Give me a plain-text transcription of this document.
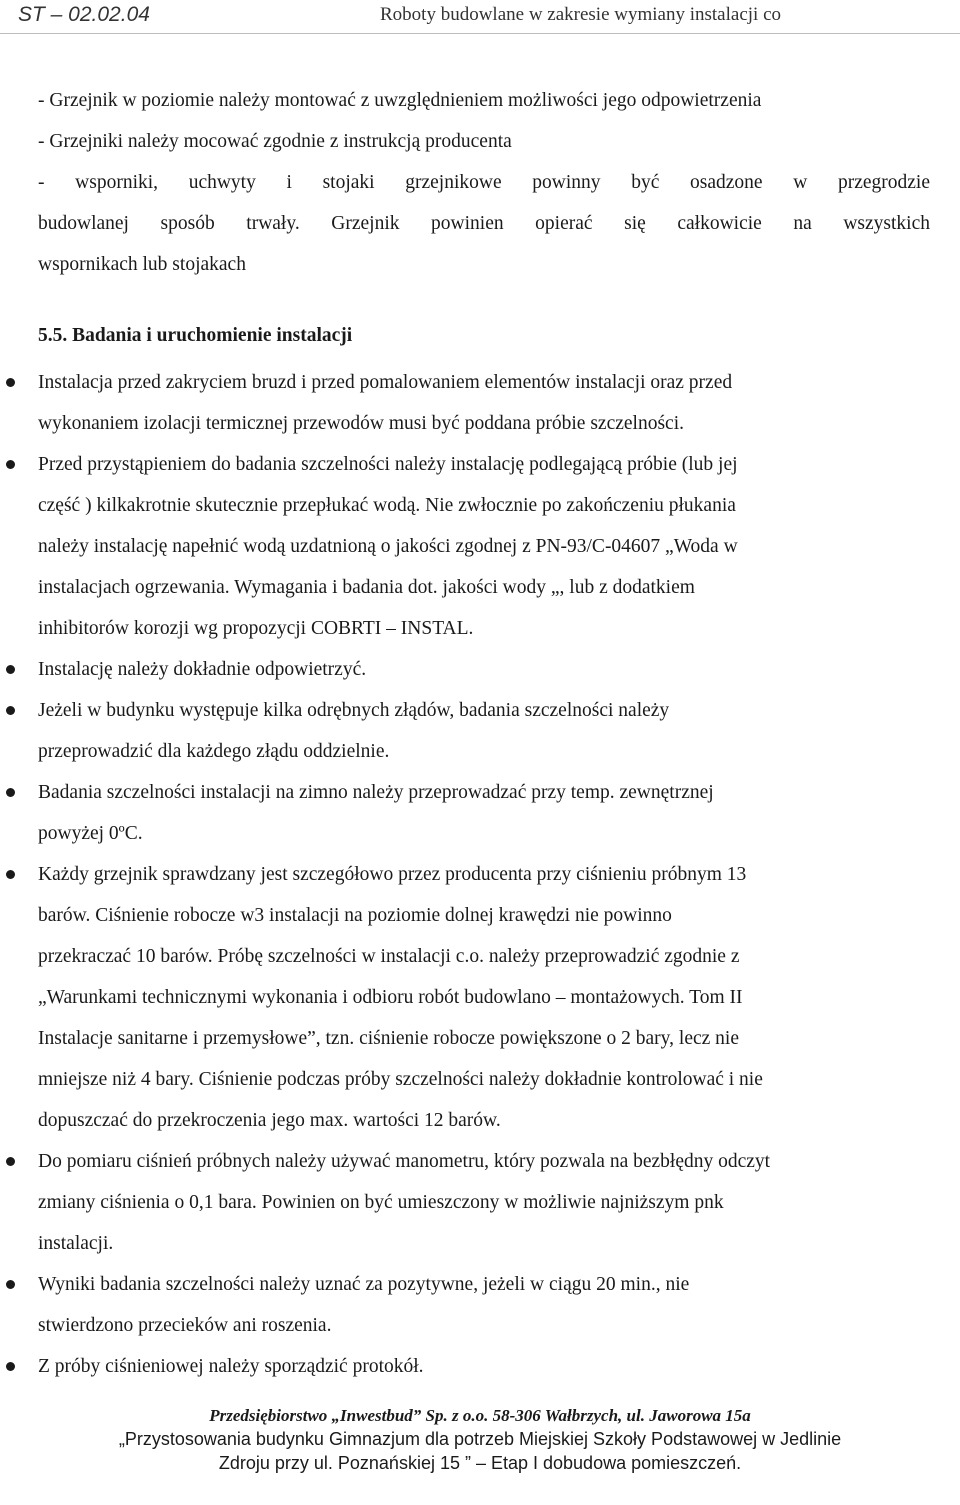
ST – 02.02.04	Roboty budowlane w zakresie wymiany instalacji co
- Grzejnik w poziomie należy montować z uwzględnieniem możliwości jego odpowietrzenia
- Grzejniki należy mocować zgodnie z instrukcją producenta
- wsporniki, uchwyty i stojaki grzejnikowe powinny być osadzone w przegrodzie
budowlanej sposób trwały. Grzejnik powinien opierać się całkowicie na wszystkich
wspornikach lub stojakach
5.5. Badania i uruchomienie instalacji
Instalacja przed zakryciem bruzd i przed pomalowaniem elementów instalacji oraz przed
wykonaniem izolacji termicznej przewodów musi być poddana próbie szczelności.
Przed przystąpieniem do badania szczelności należy instalację podlegającą próbie (lub jej
część ) kilkakrotnie skutecznie przepłukać wodą. Nie zwłocznie po zakończeniu płukania
należy instalację napełnić wodą uzdatnioną o jakości zgodnej z PN-93/C-04607 „Woda w
instalacjach ogrzewania. Wymagania i badania dot. jakości wody „, lub z dodatkiem
inhibitorów korozji wg propozycji COBRTI – INSTAL.
Instalację należy dokładnie odpowietrzyć.
Jeżeli w budynku występuje kilka odrębnych złądów, badania szczelności należy
przeprowadzić dla każdego złądu oddzielnie.
Badania szczelności instalacji na zimno należy przeprowadzać przy temp. zewnętrznej
powyżej 0ºC.
Każdy grzejnik sprawdzany jest szczegółowo przez producenta przy ciśnieniu próbnym 13
barów. Ciśnienie robocze w3 instalacji na poziomie dolnej krawędzi nie powinno
przekraczać 10 barów. Próbę szczelności w instalacji c.o. należy przeprowadzić zgodnie z
„Warunkami technicznymi wykonania i odbioru robót budowlano – montażowych. Tom II
Instalacje sanitarne i przemysłowe”, tzn. ciśnienie robocze powiększone o 2 bary, lecz nie
mniejsze niż 4 bary. Ciśnienie podczas próby szczelności należy dokładnie kontrolować i nie
dopuszczać do przekroczenia jego max. wartości 12 barów.
Do pomiaru ciśnień próbnych należy używać manometru, który pozwala na bezbłędny odczyt
zmiany ciśnienia o 0,1 bara. Powinien on być umieszczony w możliwie najniższym pnk
instalacji.
Wyniki badania szczelności należy uznać za pozytywne, jeżeli w ciągu 20 min., nie
stwierdzono przecieków ani roszenia.
Z próby ciśnieniowej należy sporządzić protokół.
Przedsiębiorstwo „Inwestbud” Sp. z o.o. 58-306 Wałbrzych, ul. Jaworowa 15a
„Przystosowania budynku Gimnazjum dla potrzeb Miejskiej Szkoły Podstawowej w Jedlinie
Zdroju przy ul. Poznańskiej 15 ” – Etap I dobudowa pomieszczeń.
